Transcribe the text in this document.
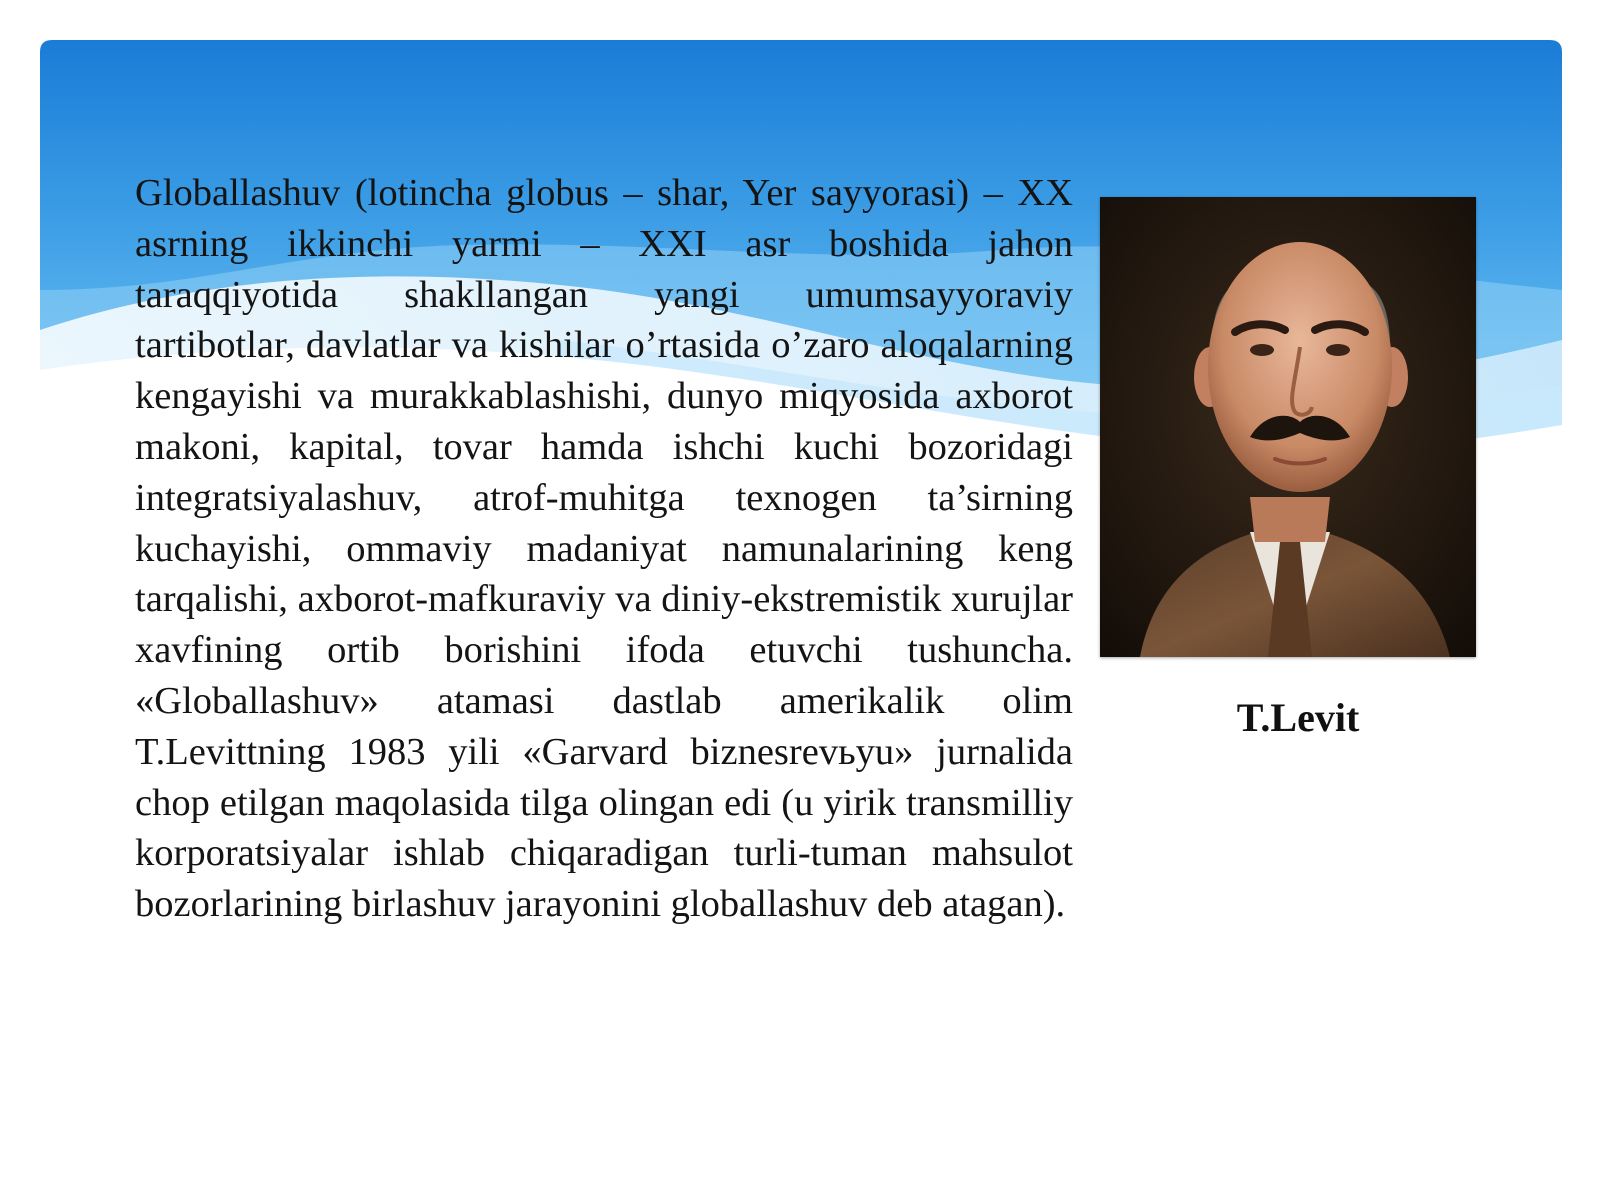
Globallashuv (lotincha globus – shar, Yer sayyorasi) – XX asrning ikkinchi yarmi – XXI asr boshida jahon taraqqiyotida shakllangan yangi umumsayyoraviy tartibotlar, davlatlar va kishilar o’rtasida o’zaro aloqalarning kengayishi va murakkablashishi, dunyo miqyosida axborot makoni, kapital, tovar hamda ishchi kuchi bozoridagi integratsiyalashuv, atrof-muhitga texnogen ta’sirning kuchayishi, ommaviy madaniyat namunalarining keng tarqalishi, axborot-mafkuraviy va diniy-ekstremistik xurujlar xavfining ortib borishini ifoda etuvchi tushuncha. «Globallashuv» atamasi dastlab amerikalik olim T.Levittning 1983 yili «Garvard biznesrevьyu» jurnalida chop etilgan maqolasida tilga olingan edi (u yirik transmilliy korporatsiyalar ishlab chiqaradigan turli-tuman mahsulot bozorlarining birlashuv jarayonini globallashuv deb atagan).

T.Levit
